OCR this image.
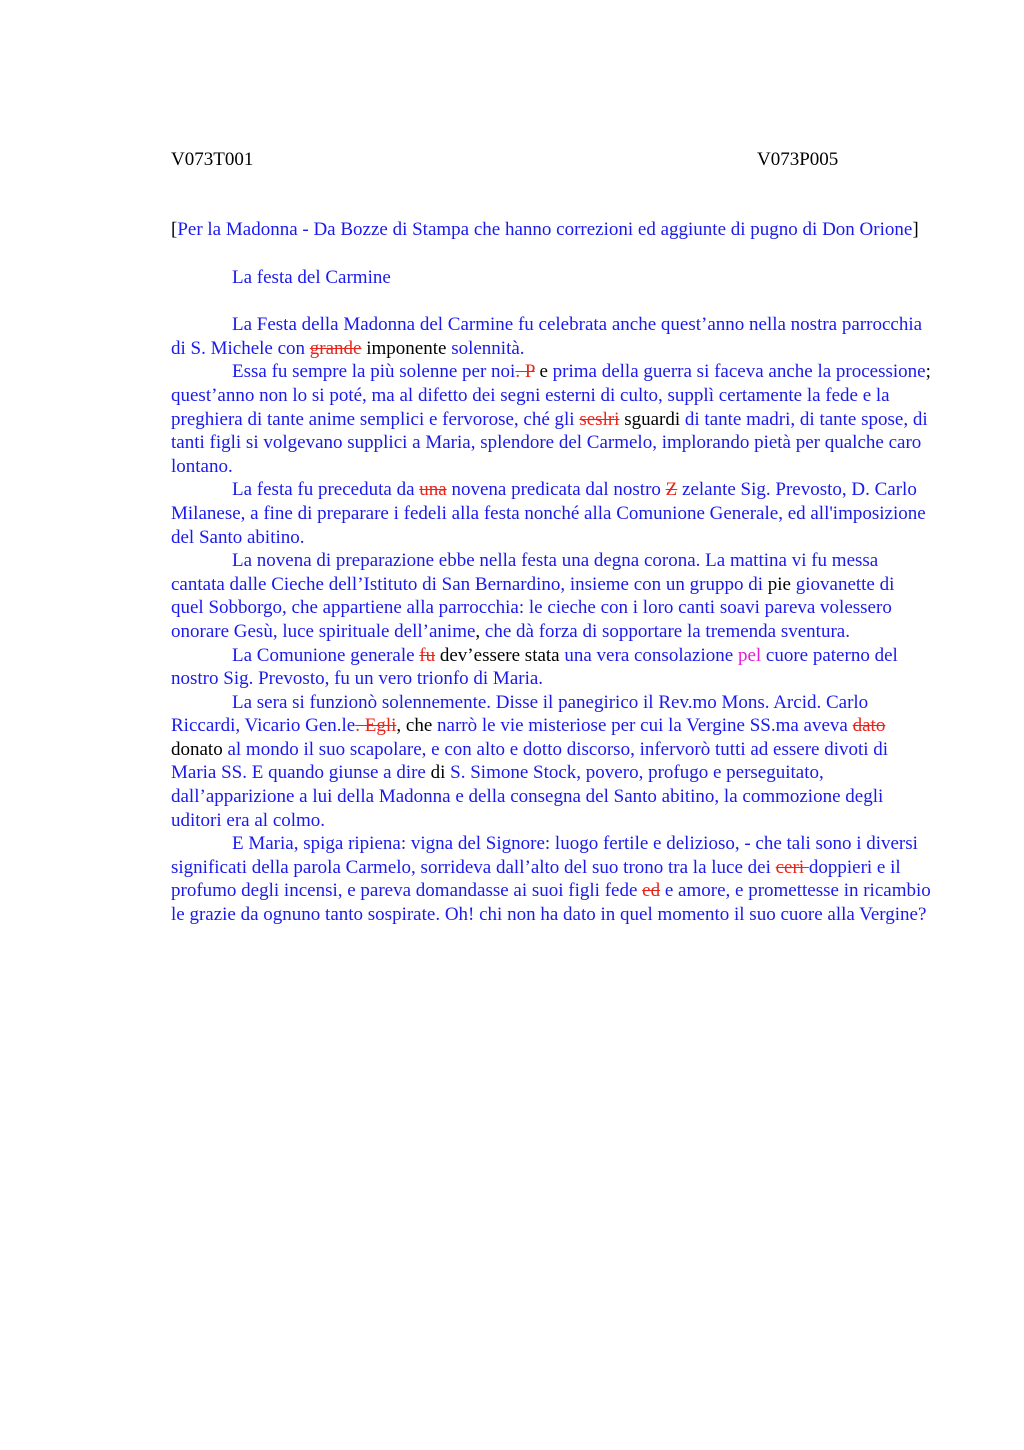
V073T001	V073P005

[Per la Madonna - Da Bozze di Stampa che hanno correzioni ed aggiunte di pugno di Don Orione]

La festa del Carmine

La Festa della Madonna del Carmine fu celebrata anche quest’anno nella nostra parrocchia di S. Michele con grande imponente solennità.

Essa fu sempre la più solenne per noi. P e prima della guerra si faceva anche la processione; quest’anno non lo si poté, ma al difetto dei segni esterni di culto, supplì certamente la fede e la preghiera di tante anime semplici e fervorose, ché gli seslri sguardi di tante madri, di tante spose, di tanti figli si volgevano supplici a Maria, splendore del Carmelo, implorando pietà per qualche caro lontano.

La festa fu preceduta da una novena predicata dal nostro Z zelante Sig. Prevosto, D. Carlo Milanese, a fine di preparare i fedeli alla festa nonché alla Comunione Generale, ed all'imposizione del Santo abitino.

La novena di preparazione ebbe nella festa una degna corona. La mattina vi fu messa cantata dalle Cieche dell’Istituto di San Bernardino, insieme con un gruppo di pie giovanette di quel Sobborgo, che appartiene alla parrocchia: le cieche con i loro canti soavi pareva volessero onorare Gesù, luce spirituale dell’anime, che dà forza di sopportare la tremenda sventura.

La Comunione generale fu dev’essere stata una vera consolazione pel cuore paterno del nostro Sig. Prevosto, fu un vero trionfo di Maria.

La sera si funzionò solennemente. Disse il panegirico il Rev.mo Mons. Arcid. Carlo Riccardi, Vicario Gen.le. Egli, che narrò le vie misteriose per cui la Vergine SS.ma aveva dato donato al mondo il suo scapolare, e con alto e dotto discorso, infervorò tutti ad essere divoti di Maria SS. E quando giunse a dire di S. Simone Stock, povero, profugo e perseguitato, dall’apparizione a lui della Madonna e della consegna del Santo abitino, la commozione degli uditori era al colmo.

E Maria, spiga ripiena: vigna del Signore: luogo fertile e delizioso, - che tali sono i diversi significati della parola Carmelo, sorrideva dall’alto del suo trono tra la luce dei ceri doppieri e il profumo degli incensi, e pareva domandasse ai suoi figli fede ed e amore, e promettesse in ricambio le grazie da ognuno tanto sospirate. Oh! chi non ha dato in quel momento il suo cuore alla Vergine?
